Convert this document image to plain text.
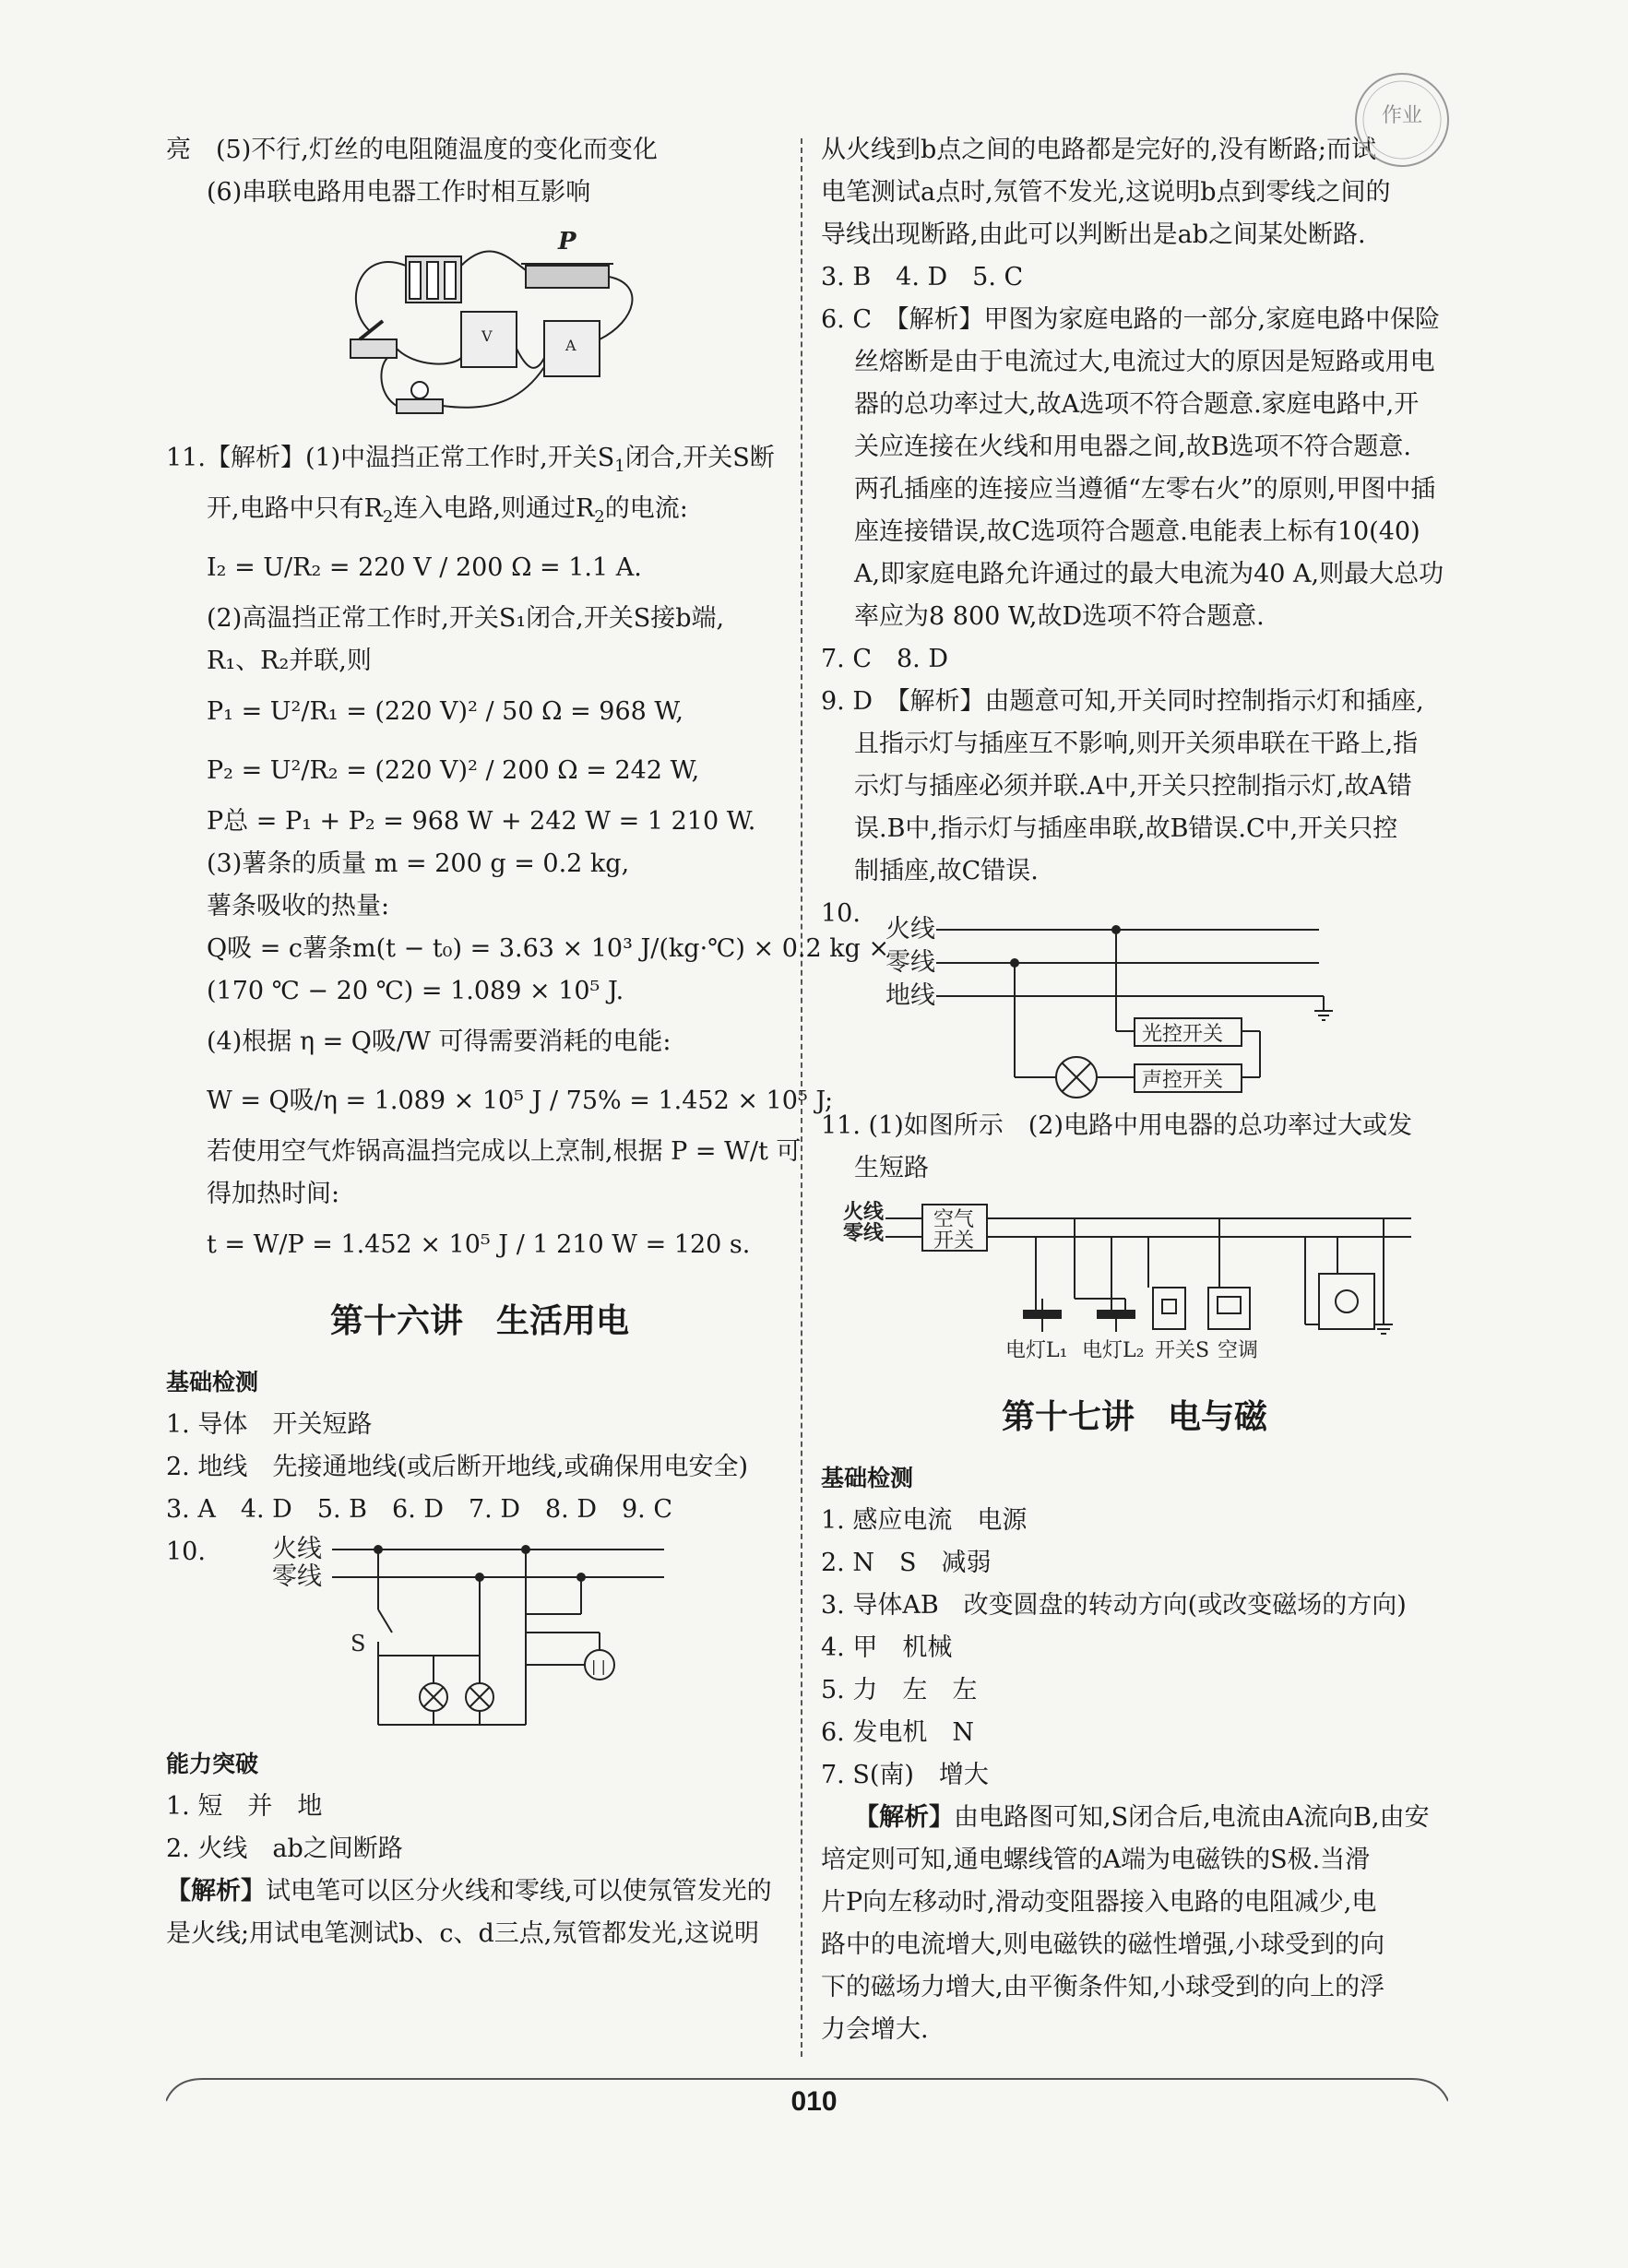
亮　(5)不行,灯丝的电阻随温度的变化而变化
(6)串联电路用电器工作时相互影响
P
V
A
11.【解析】(1)中温挡正常工作时,开关$S_1$闭合,开关S断
开,电路中只有$R_2$连入电路,则通过$R_2$的电流:
I₂ = U/R₂ = 220 V / 200 Ω = 1.1 A.
(2)高温挡正常工作时,开关S₁闭合,开关S接b端,
R₁、R₂并联,则
P₁ = U²/R₁ = (220 V)² / 50 Ω = 968 W,
P₂ = U²/R₂ = (220 V)² / 200 Ω = 242 W,
P总 = P₁ + P₂ = 968 W + 242 W = 1 210 W.
(3)薯条的质量 m = 200 g = 0.2 kg,
薯条吸收的热量:
Q吸 = c薯条m(t − t₀) = 3.63 × 10³ J/(kg·℃) × 0.2 kg ×
(170 ℃ − 20 ℃) = 1.089 × 10⁵ J.
(4)根据 η = Q吸/W 可得需要消耗的电能:
W = Q吸/η = 1.089 × 10⁵ J / 75% = 1.452 × 10⁵ J;
若使用空气炸锅高温挡完成以上烹制,根据 P = W/t 可
得加热时间:
t = W/P = 1.452 × 10⁵ J / 1 210 W = 120 s.
第十六讲　生活用电
基础检测
1. 导体　开关短路
2. 地线　先接通地线(或后断开地线,或确保用电安全)
3. A　4. D　5. B　6. D　7. D　8. D　9. C
10.	火线
零线
S
| |
能力突破
1. 短　并　地
2. 火线　ab之间断路
【解析】试电笔可以区分火线和零线,可以使氖管发光的
是火线;用试电笔测试b、c、d三点,氖管都发光,这说明
从火线到b点之间的电路都是完好的,没有断路;而试
电笔测试a点时,氖管不发光,这说明b点到零线之间的
导线出现断路,由此可以判断出是ab之间某处断路.
3. B　4. D　5. C
6. C　【解析】甲图为家庭电路的一部分,家庭电路中保险
丝熔断是由于电流过大,电流过大的原因是短路或用电
器的总功率过大,故A选项不符合题意.家庭电路中,开
关应连接在火线和用电器之间,故B选项不符合题意.
两孔插座的连接应当遵循“左零右火”的原则,甲图中插
座连接错误,故C选项符合题意.电能表上标有10(40)
A,即家庭电路允许通过的最大电流为40 A,则最大总功
率应为8 800 W,故D选项不符合题意.
7. C　8. D
9. D　【解析】由题意可知,开关同时控制指示灯和插座,
且指示灯与插座互不影响,则开关须串联在干路上,指
示灯与插座必须并联.A中,开关只控制指示灯,故A错
误.B中,指示灯与插座串联,故B错误.C中,开关只控
制插座,故C错误.
10.
火线
零线
地线
光控开关
声控开关
11. (1)如图所示　(2)电路中用电器的总功率过大或发
生短路
火线
零线
空气
开关
电灯L₁ 电灯L₂ 开关S 空调
第十七讲　电与磁
基础检测
1. 感应电流　电源
2. N　S　减弱
3. 导体AB　改变圆盘的转动方向(或改变磁场的方向)
4. 甲　机械
5. 力　左　左
6. 发电机　N
7. S(南)　增大
【解析】由电路图可知,S闭合后,电流由A流向B,由安
培定则可知,通电螺线管的A端为电磁铁的S极.当滑
片P向左移动时,滑动变阻器接入电路的电阻减少,电
路中的电流增大,则电磁铁的磁性增强,小球受到的向
下的磁场力增大,由平衡条件知,小球受到的向上的浮
力会增大.
010
作业
